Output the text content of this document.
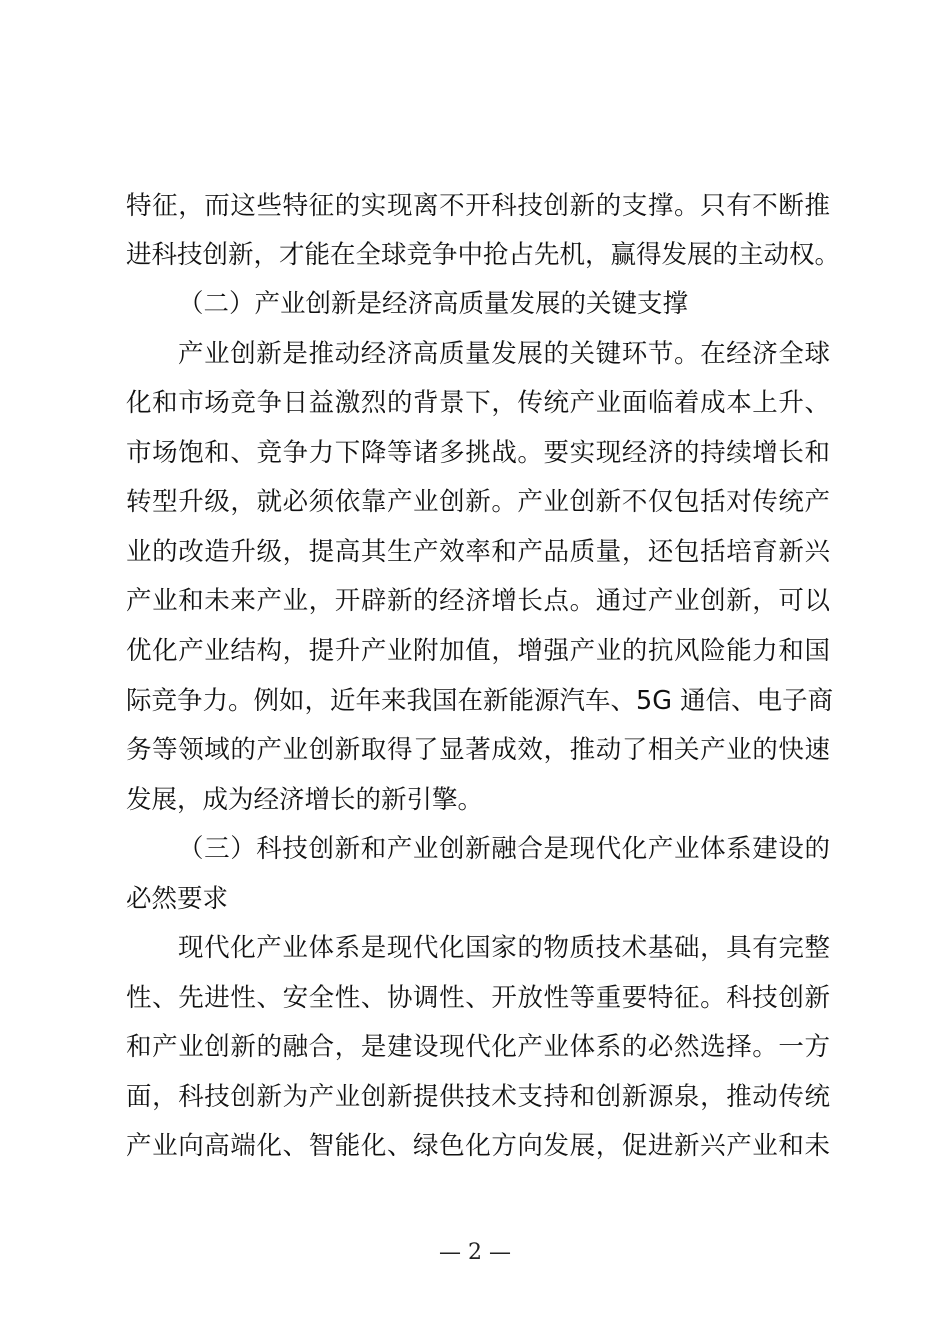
特征，而这些特征的实现离不开科技创新的支撑。只有不断推
进科技创新，才能在全球竞争中抢占先机，赢得发展的主动权。
（二）产业创新是经济高质量发展的关键支撑
产业创新是推动经济高质量发展的关键环节。在经济全球
化和市场竞争日益激烈的背景下，传统产业面临着成本上升、
市场饱和、竞争力下降等诸多挑战。要实现经济的持续增长和
转型升级，就必须依靠产业创新。产业创新不仅包括对传统产
业的改造升级，提高其生产效率和产品质量，还包括培育新兴
产业和未来产业，开辟新的经济增长点。通过产业创新，可以
优化产业结构，提升产业附加值，增强产业的抗风险能力和国
际竞争力。例如，近年来我国在新能源汽车、5G 通信、电子商
务等领域的产业创新取得了显著成效，推动了相关产业的快速
发展，成为经济增长的新引擎。
（三）科技创新和产业创新融合是现代化产业体系建设的
必然要求
现代化产业体系是现代化国家的物质技术基础，具有完整
性、先进性、安全性、协调性、开放性等重要特征。科技创新
和产业创新的融合，是建设现代化产业体系的必然选择。一方
面，科技创新为产业创新提供技术支持和创新源泉，推动传统
产业向高端化、智能化、绿色化方向发展，促进新兴产业和未
— 2 —
